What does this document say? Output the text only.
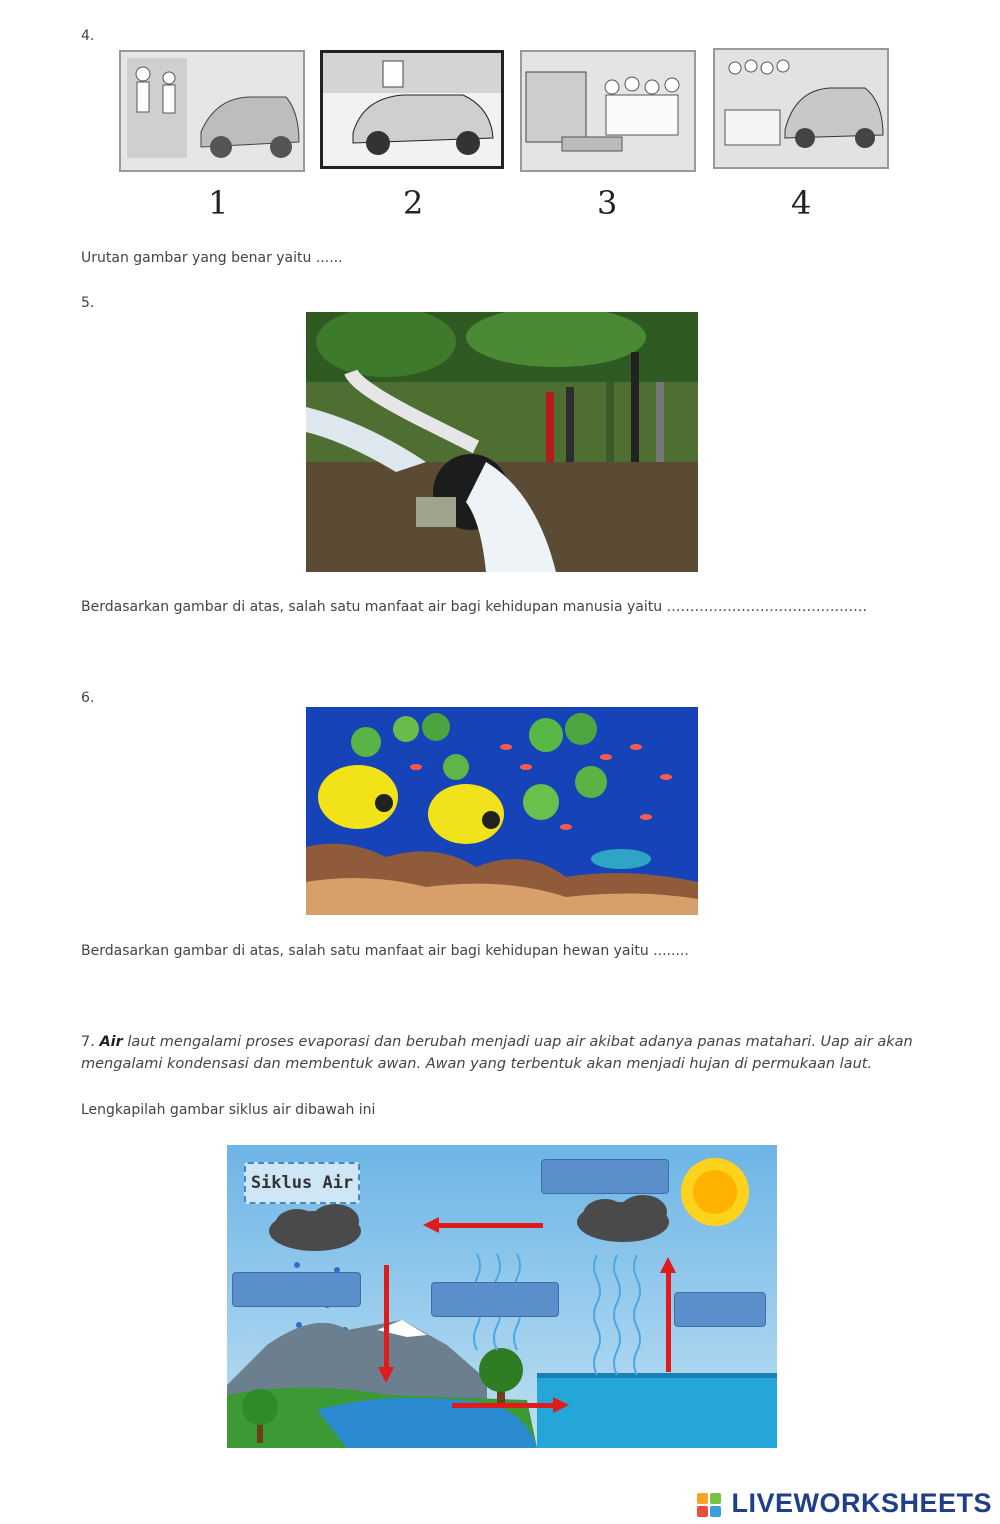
4.
1	2	3	4
Urutan gambar yang benar yaitu ......
5.
Berdasarkan gambar di atas, salah satu manfaat air bagi kehidupan manusia yaitu …………………………………….
6.
Berdasarkan gambar di atas, salah satu manfaat air bagi kehidupan hewan yaitu ........
7. Air laut mengalami proses evaporasi dan berubah menjadi uap air akibat adanya panas matahari. Uap air akan mengalami kondensasi dan membentuk awan. Awan yang terbentuk akan menjadi hujan di permukaan laut.
Lengkapilah gambar siklus air dibawah ini
Siklus Air
LIVEWORKSHEETS
